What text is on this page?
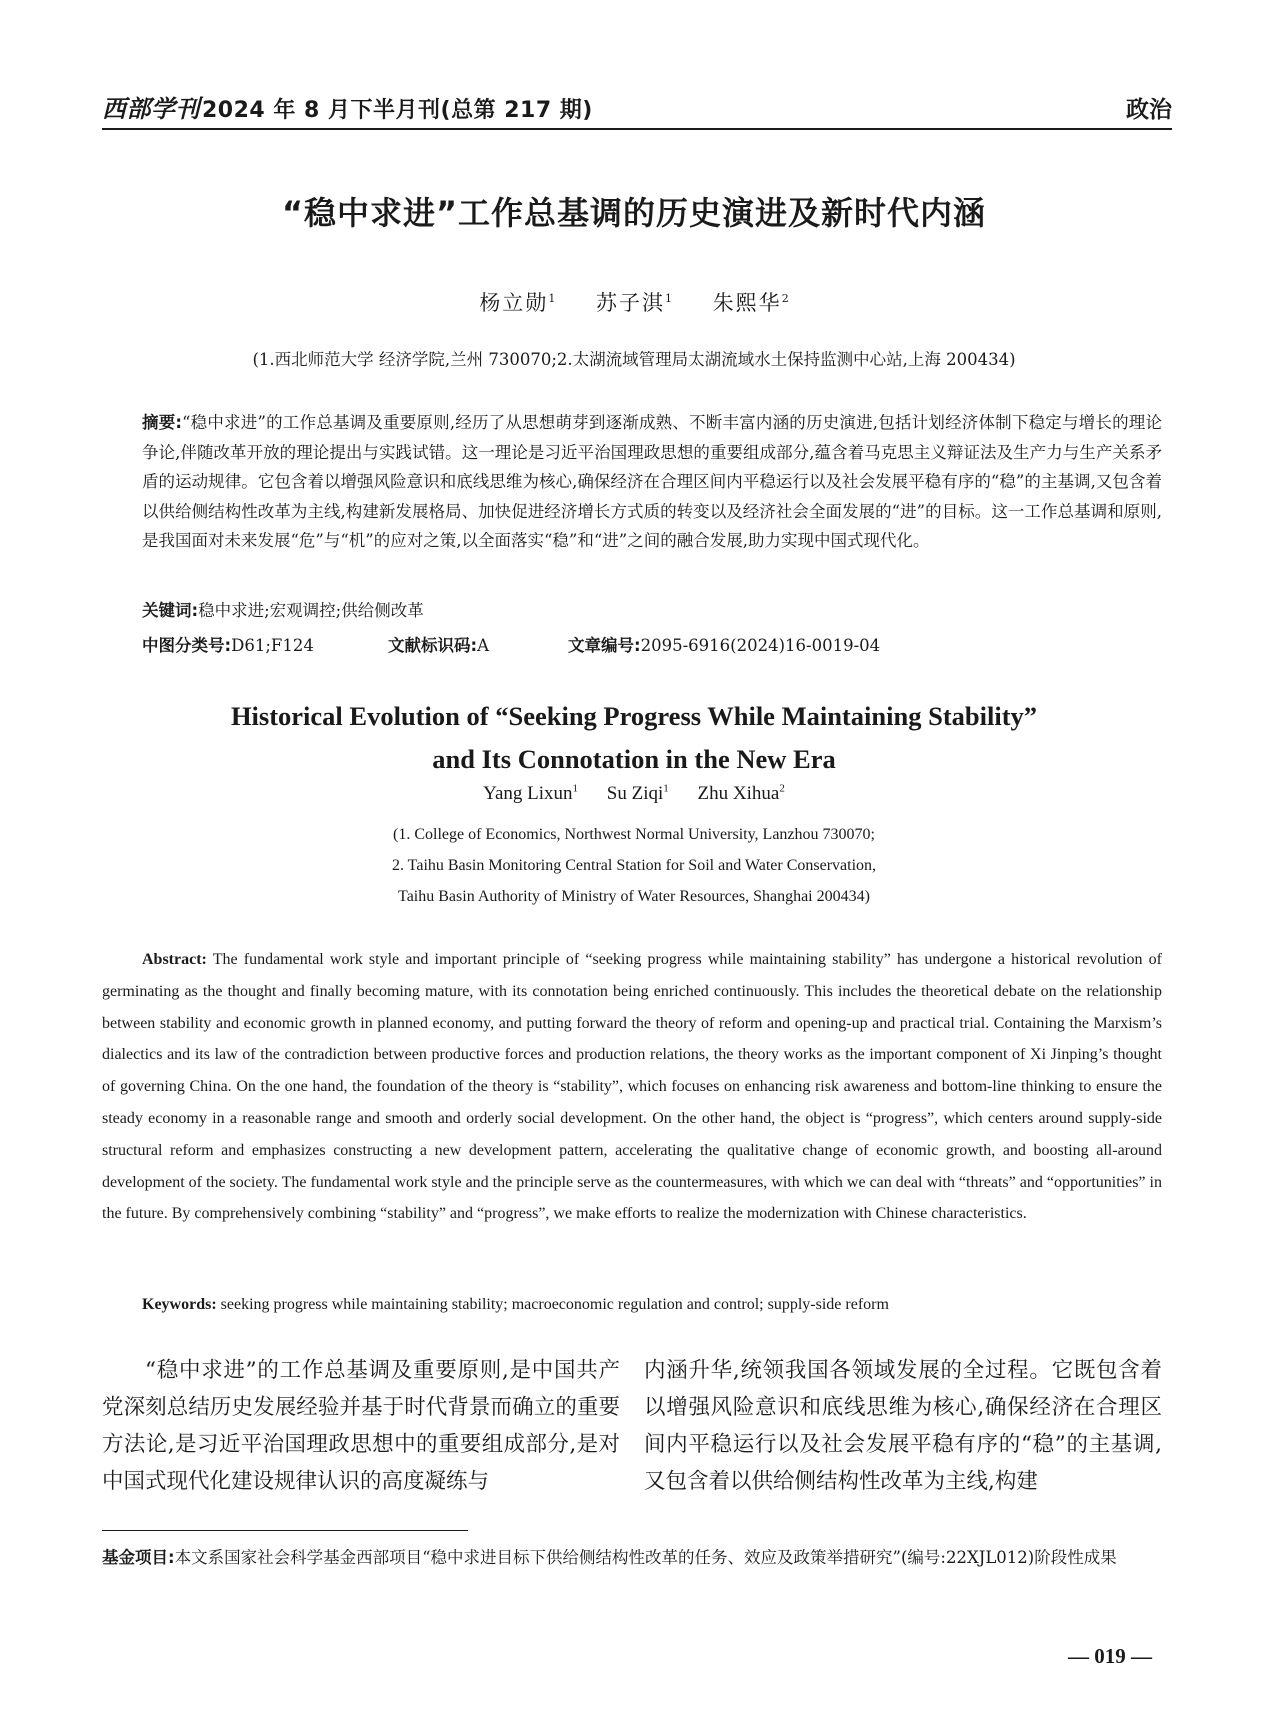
西部学刊2024 年 8 月下半月刊(总第 217 期)	政治
“稳中求进”工作总基调的历史演进及新时代内涵
杨立勋$^1$ 苏子淇$^1$ 朱熙华$^2$
(1.西北师范大学 经济学院,兰州 730070;2.太湖流域管理局太湖流域水土保持监测中心站,上海 200434)
摘要:“稳中求进”的工作总基调及重要原则,经历了从思想萌芽到逐渐成熟、不断丰富内涵的历史演进,包括计划经济体制下稳定与增长的理论争论,伴随改革开放的理论提出与实践试错。这一理论是习近平治国理政思想的重要组成部分,蕴含着马克思主义辩证法及生产力与生产关系矛盾的运动规律。它包含着以增强风险意识和底线思维为核心,确保经济在合理区间内平稳运行以及社会发展平稳有序的“稳”的主基调,又包含着以供给侧结构性改革为主线,构建新发展格局、加快促进经济增长方式质的转变以及经济社会全面发展的“进”的目标。这一工作总基调和原则,是我国面对未来发展“危”与“机”的应对之策,以全面落实“稳”和“进”之间的融合发展,助力实现中国式现代化。
关键词:稳中求进;宏观调控;供给侧改革
中图分类号:D61;F124	文献标识码:A	文章编号:2095-6916(2024)16-0019-04
Historical Evolution of “Seeking Progress While Maintaining Stability”
and Its Connotation in the New Era
Yang Lixun$^1$ Su Ziqi$^1$ Zhu Xihua$^2$
(1. College of Economics, Northwest Normal University, Lanzhou 730070;
2. Taihu Basin Monitoring Central Station for Soil and Water Conservation,
Taihu Basin Authority of Ministry of Water Resources, Shanghai 200434)
Abstract: The fundamental work style and important principle of “seeking progress while maintaining stability” has undergone a historical revolution of germinating as the thought and finally becoming mature, with its connotation being enriched continuously. This includes the theoretical debate on the relationship between stability and economic growth in planned economy, and putting forward the theory of reform and opening-up and practical trial. Containing the Marxism’s dialectics and its law of the contradiction between productive forces and production relations, the theory works as the important component of Xi Jinping’s thought of governing China. On the one hand, the foundation of the theory is “stability”, which focuses on enhancing risk awareness and bottom-line thinking to ensure the steady economy in a reasonable range and smooth and orderly social development. On the other hand, the object is “progress”, which centers around supply-side structural reform and emphasizes constructing a new development pattern, accelerating the qualitative change of economic growth, and boosting all-around development of the society. The fundamental work style and the principle serve as the countermeasures, with which we can deal with “threats” and “opportunities” in the future. By comprehensively combining “stability” and “progress”, we make efforts to realize the modernization with Chinese characteristics.
Keywords: seeking progress while maintaining stability; macroeconomic regulation and control; supply-side reform

“稳中求进”的工作总基调及重要原则,是中国共产党深刻总结历史发展经验并基于时代背景而确立的重要方法论,是习近平治国理政思想中的重要组成部分,是对中国式现代化建设规律认识的高度凝练与

内涵升华,统领我国各领域发展的全过程。它既包含着以增强风险意识和底线思维为核心,确保经济在合理区间内平稳运行以及社会发展平稳有序的“稳”的主基调,又包含着以供给侧结构性改革为主线,构建

基金项目:本文系国家社会科学基金西部项目“稳中求进目标下供给侧结构性改革的任务、效应及政策举措研究”(编号:22XJL012)阶段性成果
— 019 —
